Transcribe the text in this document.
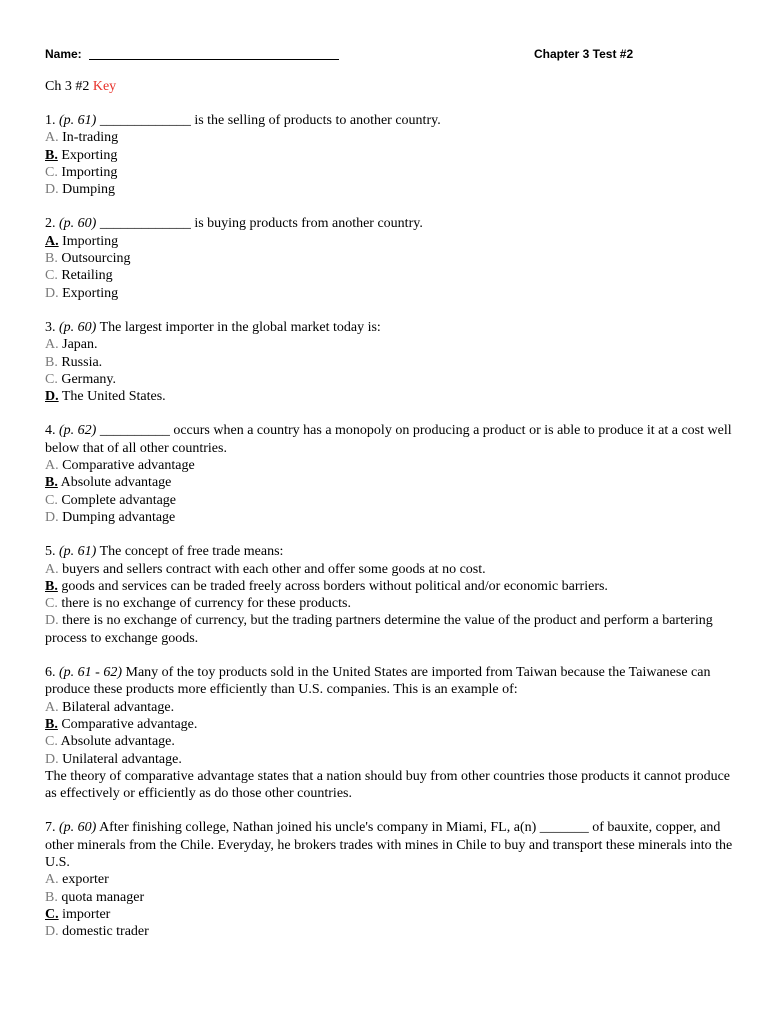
Name:	Chapter 3 Test #2
Ch 3 #2 Key

1. (p. 61) _____________ is the selling of products to another country.

A. In-trading

B. Exporting

C. Importing

D. Dumping

2. (p. 60) _____________ is buying products from another country.

A. Importing

B. Outsourcing

C. Retailing

D. Exporting

3. (p. 60) The largest importer in the global market today is:

A. Japan.

B. Russia.

C. Germany.

D. The United States.

4. (p. 62) __________ occurs when a country has a monopoly on producing a product or is able to produce it at a cost well below that of all other countries.

A. Comparative advantage

B. Absolute advantage

C. Complete advantage

D. Dumping advantage

5. (p. 61) The concept of free trade means:

A. buyers and sellers contract with each other and offer some goods at no cost.

B. goods and services can be traded freely across borders without political and/or economic barriers.

C. there is no exchange of currency for these products.

D. there is no exchange of currency, but the trading partners determine the value of the product and perform a bartering process to exchange goods.

6. (p. 61 - 62) Many of the toy products sold in the United States are imported from Taiwan because the Taiwanese can produce these products more efficiently than U.S. companies. This is an example of:

A. Bilateral advantage.

B. Comparative advantage.

C. Absolute advantage.

D. Unilateral advantage.

The theory of comparative advantage states that a nation should buy from other countries those products it cannot produce as effectively or efficiently as do those other countries.

7. (p. 60) After finishing college, Nathan joined his uncle's company in Miami, FL, a(n) _______ of bauxite, copper, and other minerals from the Chile. Everyday, he brokers trades with mines in Chile to buy and transport these minerals into the U.S.

A. exporter

B. quota manager

C. importer

D. domestic trader
